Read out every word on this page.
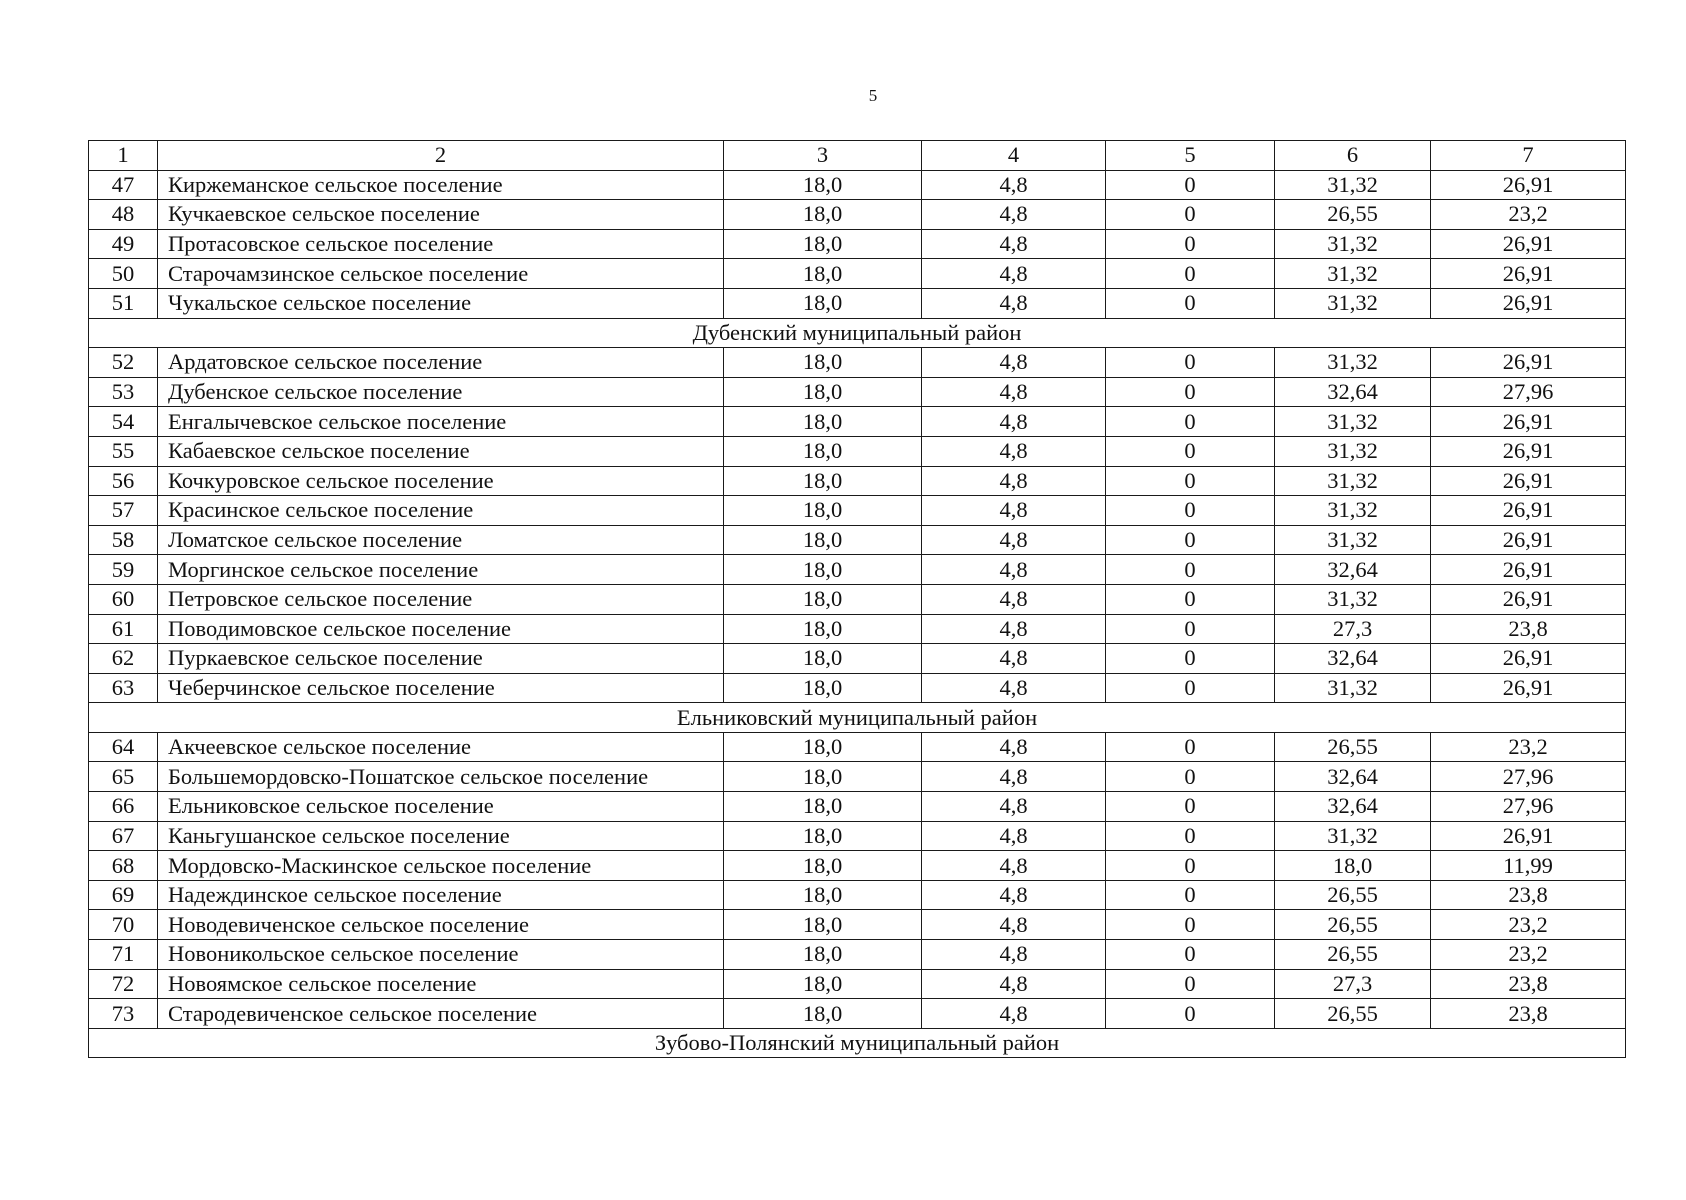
5
1	2	3	4	5	6	7
47	Киржеманское сельское поселение	18,0	4,8	0	31,32	26,91
48	Кучкаевское сельское поселение	18,0	4,8	0	26,55	23,2
49	Протасовское сельское поселение	18,0	4,8	0	31,32	26,91
50	Старочамзинское сельское поселение	18,0	4,8	0	31,32	26,91
51	Чукальское сельское поселение	18,0	4,8	0	31,32	26,91
Дубенский муниципальный район						
52	Ардатовское сельское поселение	18,0	4,8	0	31,32	26,91
53	Дубенское сельское поселение	18,0	4,8	0	32,64	27,96
54	Енгалычевское сельское поселение	18,0	4,8	0	31,32	26,91
55	Кабаевское сельское поселение	18,0	4,8	0	31,32	26,91
56	Кочкуровское сельское поселение	18,0	4,8	0	31,32	26,91
57	Красинское сельское поселение	18,0	4,8	0	31,32	26,91
58	Ломатское сельское поселение	18,0	4,8	0	31,32	26,91
59	Моргинское сельское поселение	18,0	4,8	0	32,64	26,91
60	Петровское сельское поселение	18,0	4,8	0	31,32	26,91
61	Поводимовское сельское поселение	18,0	4,8	0	27,3	23,8
62	Пуркаевское сельское поселение	18,0	4,8	0	32,64	26,91
63	Чеберчинское сельское поселение	18,0	4,8	0	31,32	26,91
Ельниковский муниципальный район						
64	Акчеевское сельское поселение	18,0	4,8	0	26,55	23,2
65	Большемордовско-Пошатское сельское поселение	18,0	4,8	0	32,64	27,96
66	Ельниковское сельское поселение	18,0	4,8	0	32,64	27,96
67	Каньгушанское сельское поселение	18,0	4,8	0	31,32	26,91
68	Мордовско-Маскинское сельское поселение	18,0	4,8	0	18,0	11,99
69	Надеждинское сельское поселение	18,0	4,8	0	26,55	23,8
70	Новодевиченское сельское поселение	18,0	4,8	0	26,55	23,2
71	Новоникольское сельское поселение	18,0	4,8	0	26,55	23,2
72	Новоямское сельское поселение	18,0	4,8	0	27,3	23,8
73	Стародевиченское сельское поселение	18,0	4,8	0	26,55	23,8
Зубово-Полянский муниципальный район						
